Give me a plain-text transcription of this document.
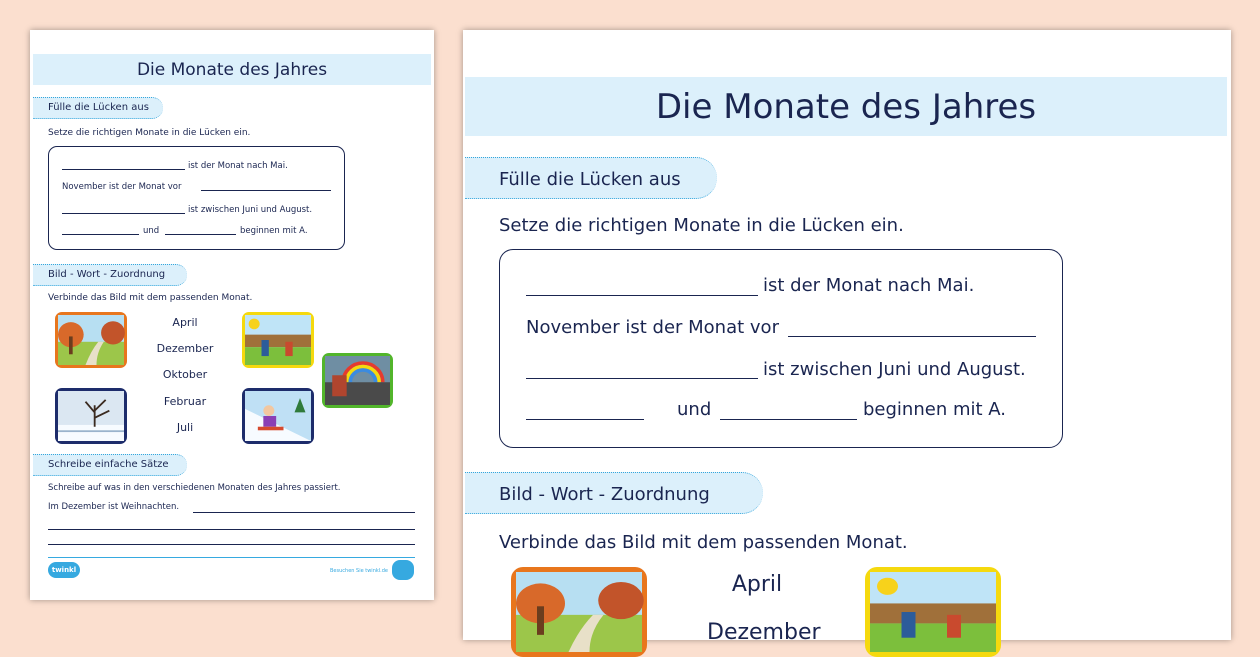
Die Monate des Jahres
Fülle die Lücken aus
Setze die richtigen Monate in die Lücken ein.
ist der Monat nach Mai.
November ist der Monat vor
ist zwischen Juni und August.
und	beginnen mit A.
Bild - Wort - Zuordnung
Verbinde das Bild mit dem passenden Monat.
April
Dezember
Oktober
Februar
Juli
Schreibe einfache Sätze
Schreibe auf was in den verschiedenen Monaten des Jahres passiert.
Im Dezember ist Weihnachten.
twinkl	Besuchen Sie twinkl.de
Die Monate des Jahres
Fülle die Lücken aus
Setze die richtigen Monate in die Lücken ein.
ist der Monat nach Mai.
November ist der Monat vor
ist zwischen Juni und August.
und	beginnen mit A.
Bild - Wort - Zuordnung
Verbinde das Bild mit dem passenden Monat.
April
Dezember
